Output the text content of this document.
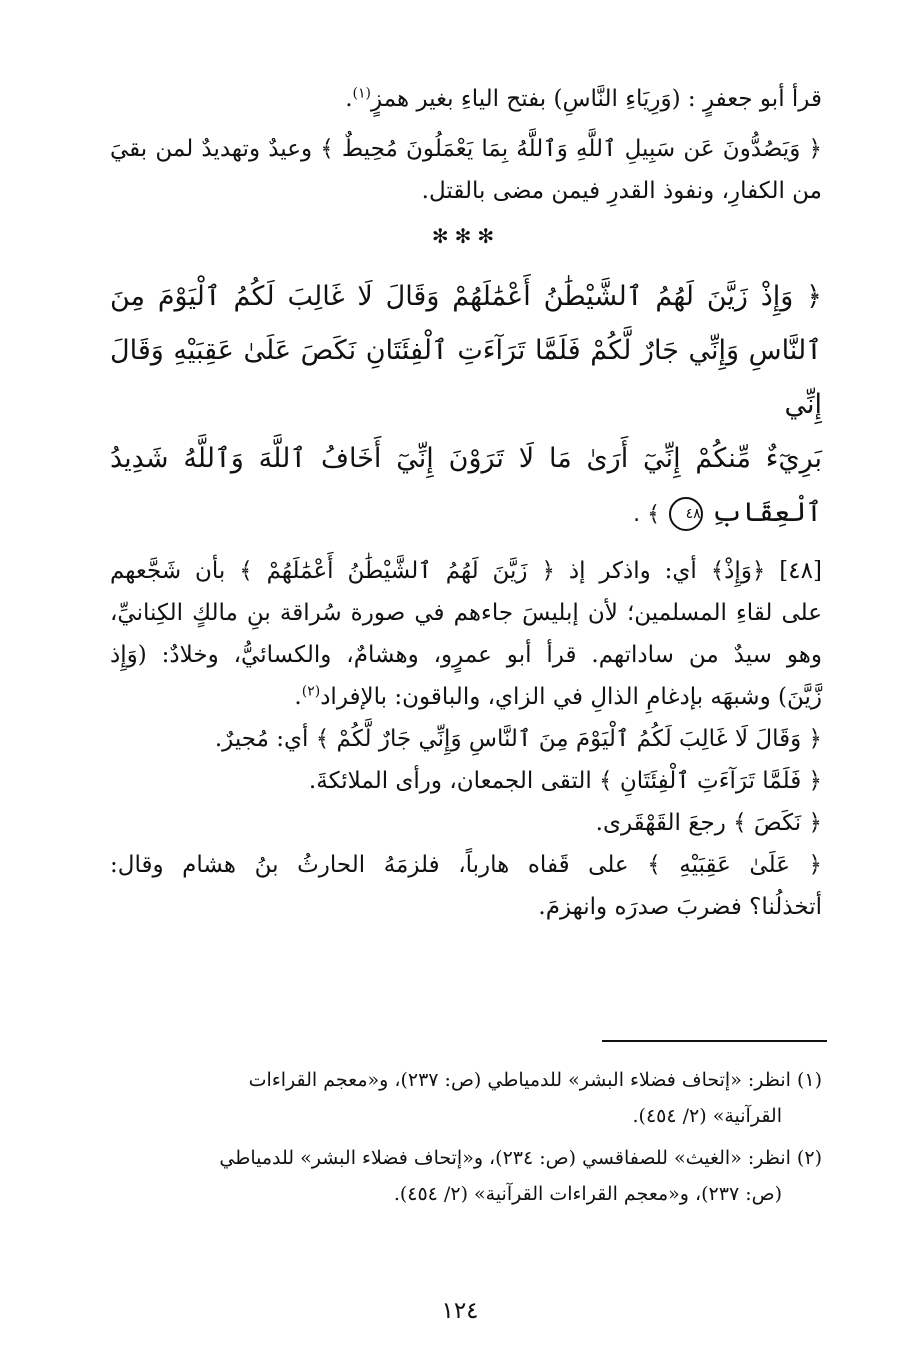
قرأ أبو جعفرٍ : (وَرِيَاءِ النَّاسِ) بفتح الياءِ بغير همزٍ$^{(١)}$.

﴿ وَيَصُدُّونَ عَن سَبِيلِ ٱللَّهِ وَٱللَّهُ بِمَا يَعْمَلُونَ مُحِيطٌ ﴾ وعيدٌ وتهديدٌ لمن بقيَ

من الكفارِ، ونفوذ القدرِ فيمن مضى بالقتل.

✻✻✻

﴿ وَإِذْ زَيَّنَ لَهُمُ ٱلشَّيْطَٰنُ أَعْمَٰلَهُمْ وَقَالَ لَا غَالِبَ لَكُمُ ٱلْيَوْمَ مِنَ

ٱلنَّاسِ وَإِنِّي جَارٌ لَّكُمْ فَلَمَّا تَرَآءَتِ ٱلْفِئَتَانِ نَكَصَ عَلَىٰ عَقِبَيْهِ وَقَالَ إِنِّي

بَرِيٓءٌ مِّنكُمْ إِنِّيٓ أَرَىٰ مَا لَا تَرَوْنَ إِنِّيٓ أَخَافُ ٱللَّهَ وَٱللَّهُ شَدِيدُ

ٱلْعِقَابِ ٤٨ ﴾ .

[٤٨] ﴿وَإِذْ﴾ أي: واذكر إذ ﴿ زَيَّنَ لَهُمُ ٱلشَّيْطَٰنُ أَعْمَٰلَهُمْ ﴾ بأن شَجَّعهم

على لقاءِ المسلمين؛ لأن إبليسَ جاءهم في صورة سُراقة بنِ مالكٍ الكِنانيِّ،

وهو سيدٌ من ساداتهم. قرأ أبو عمرٍو، وهشامٌ، والكسائيُّ، وخلادٌ: (وَإِذ

زَّيَّنَ) وشبهَه بإدغامِ الذالِ في الزاي، والباقون: بالإفراد$^{(٢)}$.

﴿ وَقَالَ لَا غَالِبَ لَكُمُ ٱلْيَوْمَ مِنَ ٱلنَّاسِ وَإِنِّي جَارٌ لَّكُمْ ﴾ أي: مُجيرٌ.

﴿ فَلَمَّا تَرَآءَتِ ٱلْفِئَتَانِ ﴾ التقى الجمعان، ورأى الملائكةَ.

﴿ نَكَصَ ﴾ رجعَ القَهْقَرى.

﴿ عَلَىٰ عَقِبَيْهِ ﴾ على قَفاه هارباً، فلزمَهُ الحارثُ بنُ هشام وقال:

أتخذلُنا؟ فضربَ صدرَه وانهزمَ.

(١) انظر: «إتحاف فضلاء البشر» للدمياطي (ص: ٢٣٧)، و«معجم القراءات

القرآنية» (٢/ ٤٥٤).

(٢) انظر: «الغيث» للصفاقسي (ص: ٢٣٤)، و«إتحاف فضلاء البشر» للدمياطي

(ص: ٢٣٧)، و«معجم القراءات القرآنية» (٢/ ٤٥٤).

١٢٤
